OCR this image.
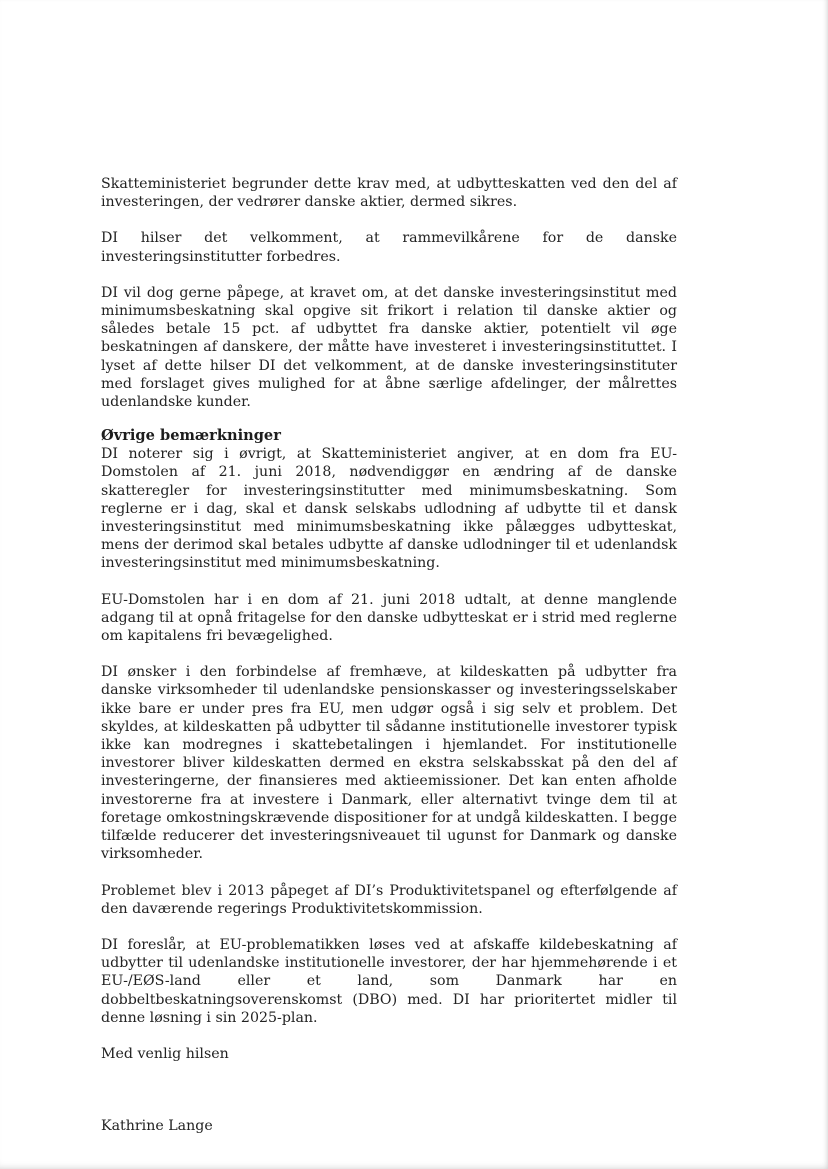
Skatteministeriet begrunder dette krav med, at udbytteskatten ved den del af investeringen, der vedrører danske aktier, dermed sikres.

DI hilser det velkomment, at rammevilkårene for de danske investeringsinstitutter forbedres.

DI vil dog gerne påpege, at kravet om, at det danske investeringsinstitut med minimumsbeskatning skal opgive sit frikort i relation til danske aktier og således betale 15 pct. af udbyttet fra danske aktier, potentielt vil øge beskatningen af danskere, der måtte have investeret i investeringsinstituttet. I lyset af dette hilser DI det velkomment, at de danske investeringsinstituter med forslaget gives mulighed for at åbne særlige afdelinger, der målrettes udenlandske kunder.

Øvrige bemærkninger

DI noterer sig i øvrigt, at Skatteministeriet angiver, at en dom fra EU-Domstolen af 21. juni 2018, nødvendiggør en ændring af de danske skatteregler for investeringsinstitutter med minimumsbeskatning. Som reglerne er i dag, skal et dansk selskabs udlodning af udbytte til et dansk investeringsinstitut med minimumsbeskatning ikke pålægges udbytteskat, mens der derimod skal betales udbytte af danske udlodninger til et udenlandsk investeringsinstitut med minimumsbeskatning.

EU-Domstolen har i en dom af 21. juni 2018 udtalt, at denne manglende adgang til at opnå fritagelse for den danske udbytteskat er i strid med reglerne om kapitalens fri bevægelighed.

DI ønsker i den forbindelse af fremhæve, at kildeskatten på udbytter fra danske virksomheder til udenlandske pensionskasser og investeringsselskaber ikke bare er under pres fra EU, men udgør også i sig selv et problem. Det skyldes, at kildeskatten på udbytter til sådanne institutionelle investorer typisk ikke kan modregnes i skattebetalingen i hjemlandet. For institutionelle investorer bliver kildeskatten dermed en ekstra selskabsskat på den del af investeringerne, der finansieres med aktieemissioner. Det kan enten afholde investorerne fra at investere i Danmark, eller alternativt tvinge dem til at foretage omkostningskrævende dispositioner for at undgå kildeskatten. I begge tilfælde reducerer det investeringsniveauet til ugunst for Danmark og danske virksomheder.

Problemet blev i 2013 påpeget af DI’s Produktivitetspanel og efterfølgende af den daværende regerings Produktivitetskommission.

DI foreslår, at EU-problematikken løses ved at afskaffe kildebeskatning af udbytter til udenlandske institutionelle investorer, der har hjemmehørende i et EU-/EØS-land eller et land, som Danmark har en dobbeltbeskatningsoverenskomst (DBO) med. DI har prioritertet midler til denne løsning i sin 2025-plan.

Med venlig hilsen

Kathrine Lange
